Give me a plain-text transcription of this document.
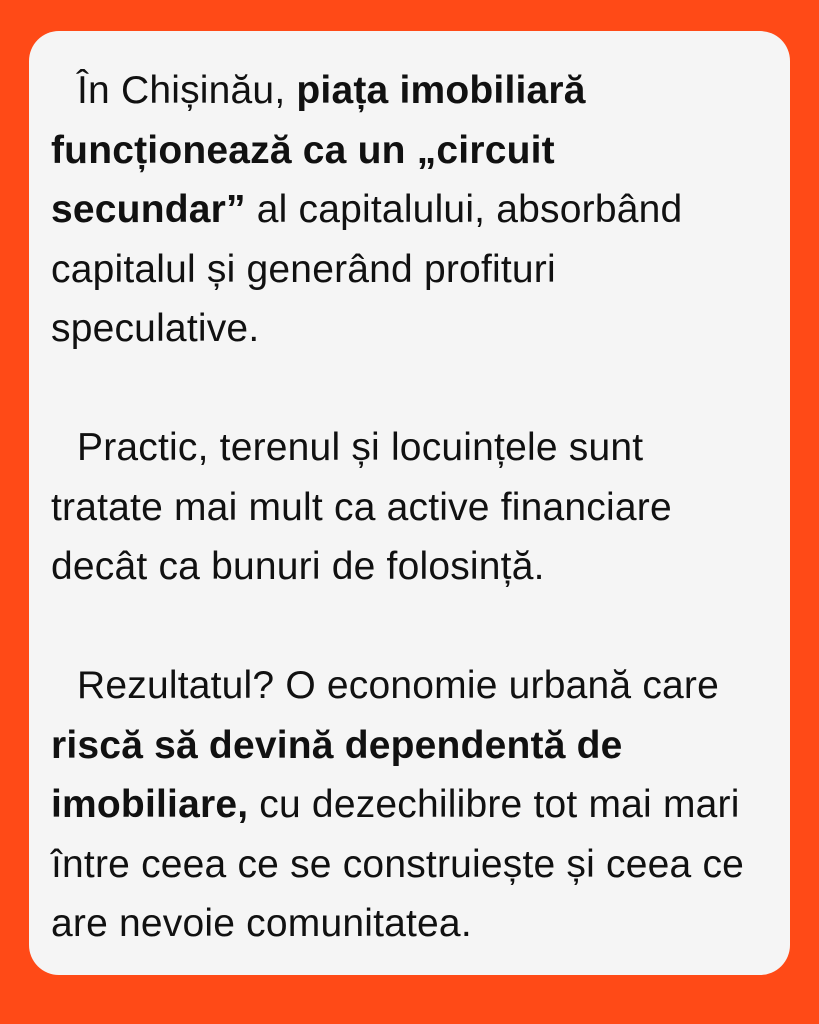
În Chișinău, piața imobiliară funcționează ca un „circuit secundar” al capitalului, absorbând capitalul și generând profituri speculative.

Practic, terenul și locuințele sunt tratate mai mult ca active financiare decât ca bunuri de folosință.

Rezultatul? O economie urbană care riscă să devină dependentă de imobiliare, cu dezechilibre tot mai mari între ceea ce se construiește și ceea ce are nevoie comunitatea.
